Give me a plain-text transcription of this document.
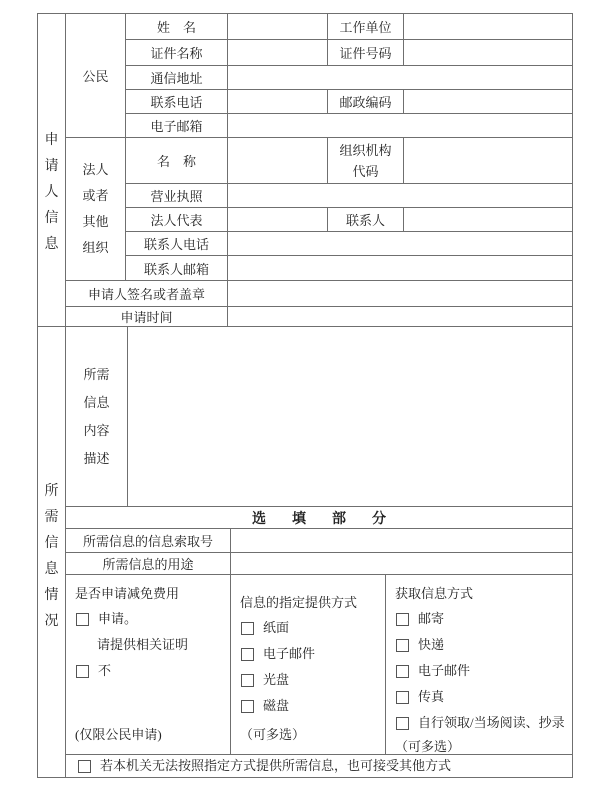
申请人信息	公民	姓　名		工作单位	
		证件名称		证件号码	
		通信地址			
		联系电话		邮政编码	
		电子邮箱			

	法人或者其他组织	名　称		组织机构代码	

		营业执照			
		法人代表		联系人	
		联系人电话			
		联系人邮箱			
	申请人签名或者盖章				
	申请时间				
所需信息情况	所需信息内容描述			

	选填部分			
	所需信息的信息索取号			
	所需信息的用途			

是否申请减免费用
申请。
请提供相关证明
不
(仅限公民申请)

信息的指定提供方式
纸面
电子邮件
光盘
磁盘
（可多选）

获取信息方式
邮寄
快递
电子邮件
传真
自行领取/当场阅读、抄录
（可多选）

	若本机关无法按照指定方式提供所需信息，也可接受其他方式			
